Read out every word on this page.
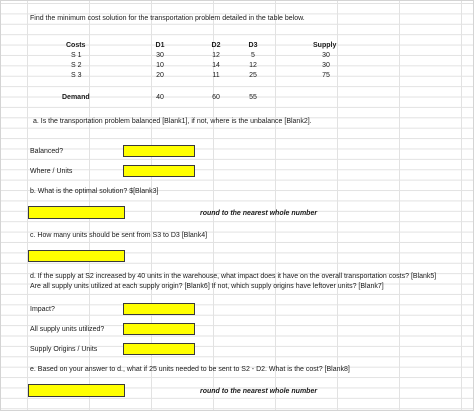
Find the minimum cost solution for the transportation problem detailed in the table below.
Costs	D1	D2	D3	Supply
S 1	30	12	5	30
S 2	10	14	12	30
S 3	20	11	25	75
Demand	40	60	55
a. Is the transportation problem balanced [Blank1], if not, where is the unbalance [Blank2].
Balanced?
Where / Units
b. What is the optimal solution? $[Blank3]
round to the nearest whole number
c. How many units should be sent from S3 to D3 [Blank4]
d. If the supply at S2 increased by 40 units in the warehouse, what impact does it have on the overall transportation costs? [Blank5]
Are all supply units utilized at each supply origin? [Blank6] If not, which supply origins have leftover units? [Blank7]
Impact?
All supply units utilized?
Supply Origins / Units
e. Based on your answer to d., what if 25 units needed to be sent to S2 - D2. What is the cost? [Blank8]
round to the nearest whole number
